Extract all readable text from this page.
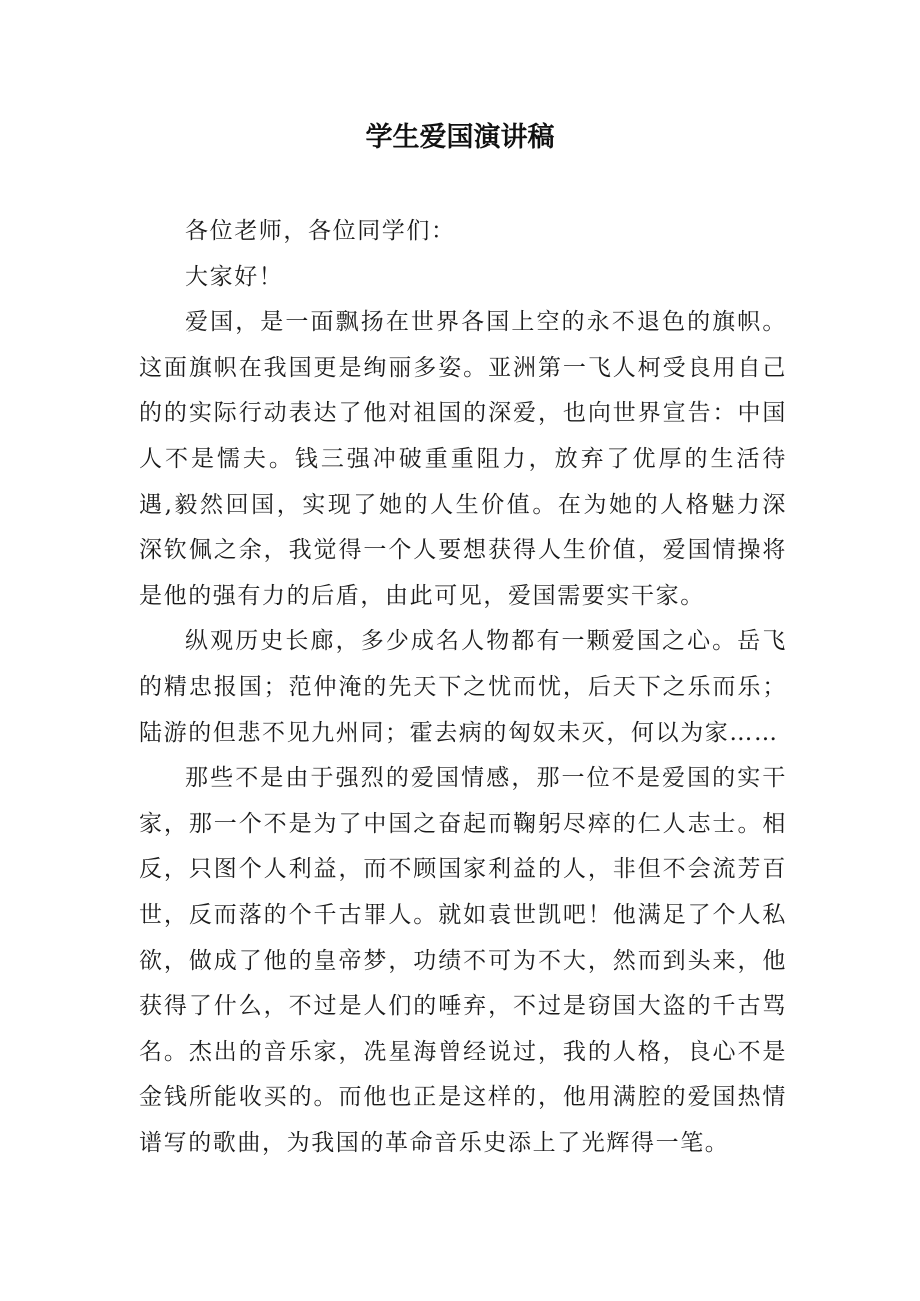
学生爱国演讲稿

各位老师，各位同学们：

大家好！

爱国，是一面飘扬在世界各国上空的永不退色的旗帜。这面旗帜在我国更是绚丽多姿。亚洲第一飞人柯受良用自己的的实际行动表达了他对祖国的深爱，也向世界宣告：中国人不是懦夫。钱三强冲破重重阻力，放弃了优厚的生活待遇,毅然回国，实现了她的人生价值。在为她的人格魅力深深钦佩之余，我觉得一个人要想获得人生价值，爱国情操将是他的强有力的后盾，由此可见，爱国需要实干家。

纵观历史长廊，多少成名人物都有一颗爱国之心。岳飞的精忠报国；范仲淹的先天下之忧而忧，后天下之乐而乐；陆游的但悲不见九州同；霍去病的匈奴未灭，何以为家……

那些不是由于强烈的爱国情感，那一位不是爱国的实干家，那一个不是为了中国之奋起而鞠躬尽瘁的仁人志士。相反，只图个人利益，而不顾国家利益的人，非但不会流芳百世，反而落的个千古罪人。就如袁世凯吧！他满足了个人私欲，做成了他的皇帝梦，功绩不可为不大，然而到头来，他获得了什么，不过是人们的唾弃，不过是窃国大盗的千古骂名。杰出的音乐家，冼星海曾经说过，我的人格，良心不是金钱所能收买的。而他也正是这样的，他用满腔的爱国热情谱写的歌曲，为我国的革命音乐史添上了光辉得一笔。
